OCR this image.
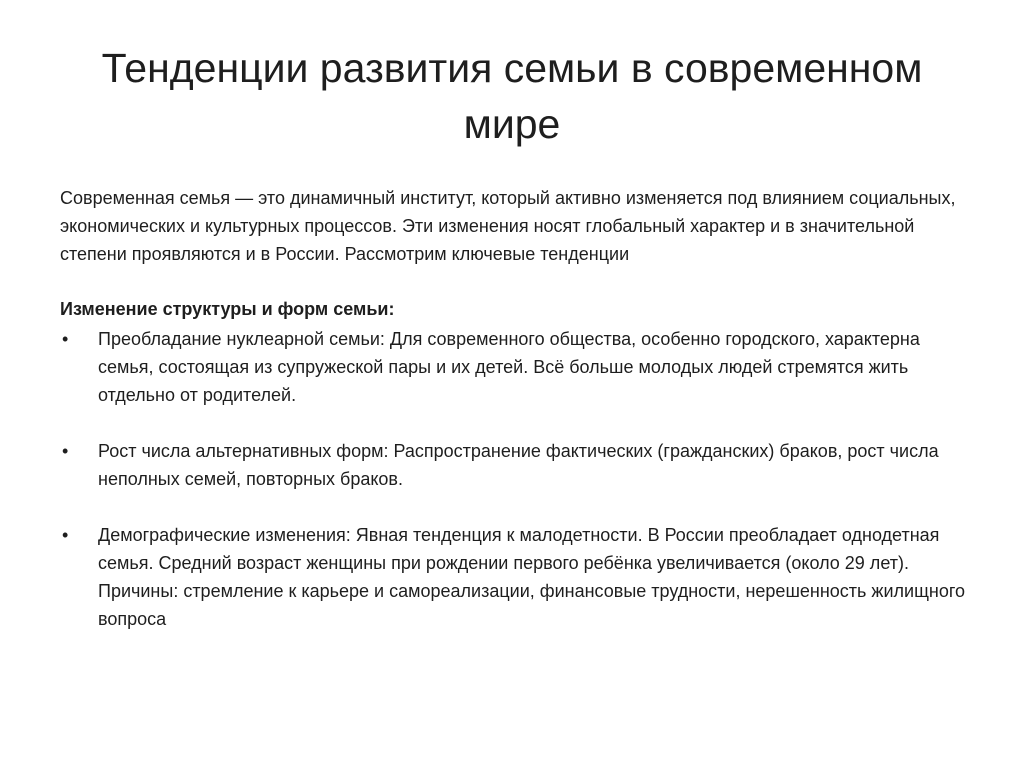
Тенденции развития семьи в современном мире

Современная семья — это динамичный институт, который активно изменяется под влиянием социальных, экономических и культурных процессов. Эти изменения носят глобальный характер и в значительной степени проявляются и в России. Рассмотрим ключевые тенденции

Изменение структуры и форм семьи:

• Преобладание нуклеарной семьи: Для современного общества, особенно городского, характерна семья, состоящая из супружеской пары и их детей. Всё больше молодых людей стремятся жить отдельно от родителей.
• Рост числа альтернативных форм: Распространение фактических (гражданских) браков, рост числа неполных семей, повторных браков.
• Демографические изменения: Явная тенденция к малодетности. В России преобладает однодетная семья. Средний возраст женщины при рождении первого ребёнка увеличивается (около 29 лет). Причины: стремление к карьере и самореализации, финансовые трудности, нерешенность жилищного вопроса
